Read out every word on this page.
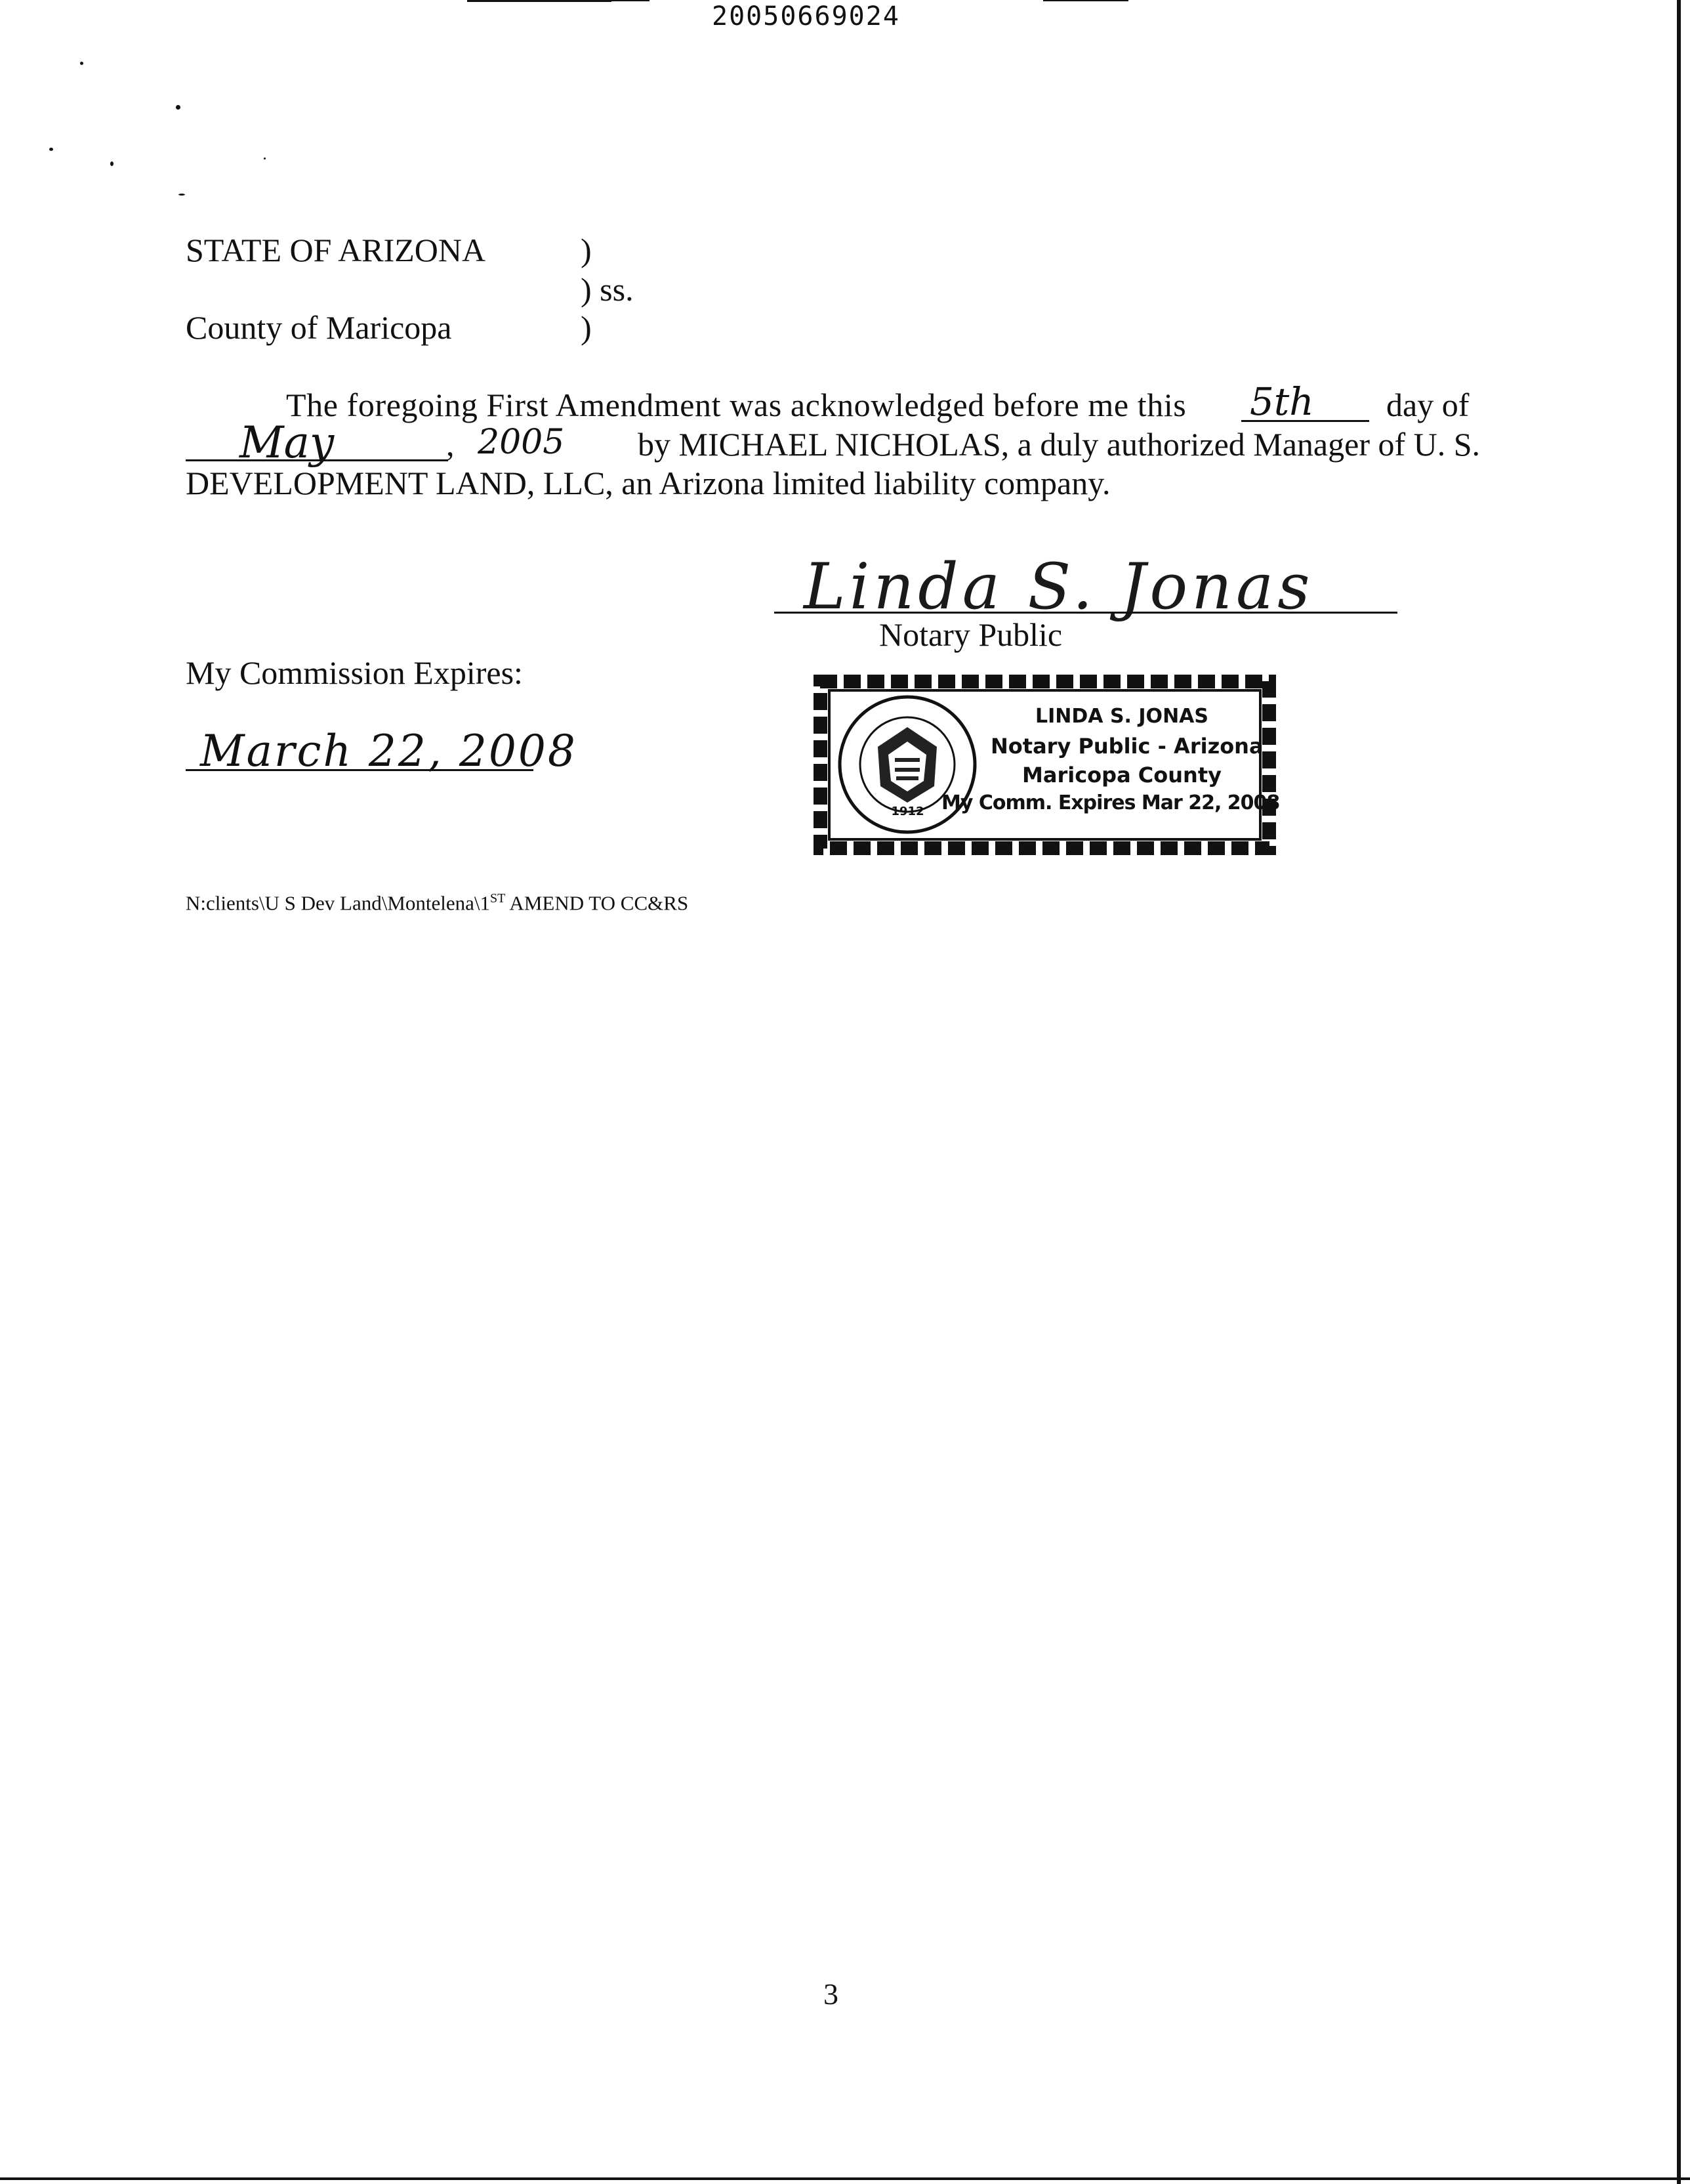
20050669024
STATE OF ARIZONA	)
) ss.
County of Maricopa	)
The foregoing First Amendment was acknowledged before me this 5th day of
May	, 2005 by MICHAEL NICHOLAS, a duly authorized Manager of U. S.
DEVELOPMENT LAND, LLC, an Arizona limited liability company.
Linda S. Jonas
Notary Public
My Commission Expires:
March 22, 2008
1912
LINDA S. JONAS
Notary Public - Arizona
Maricopa County
My Comm. Expires Mar 22, 2008
N:clients\U S Dev Land\Montelena\1ST AMEND TO CC&RS
3
